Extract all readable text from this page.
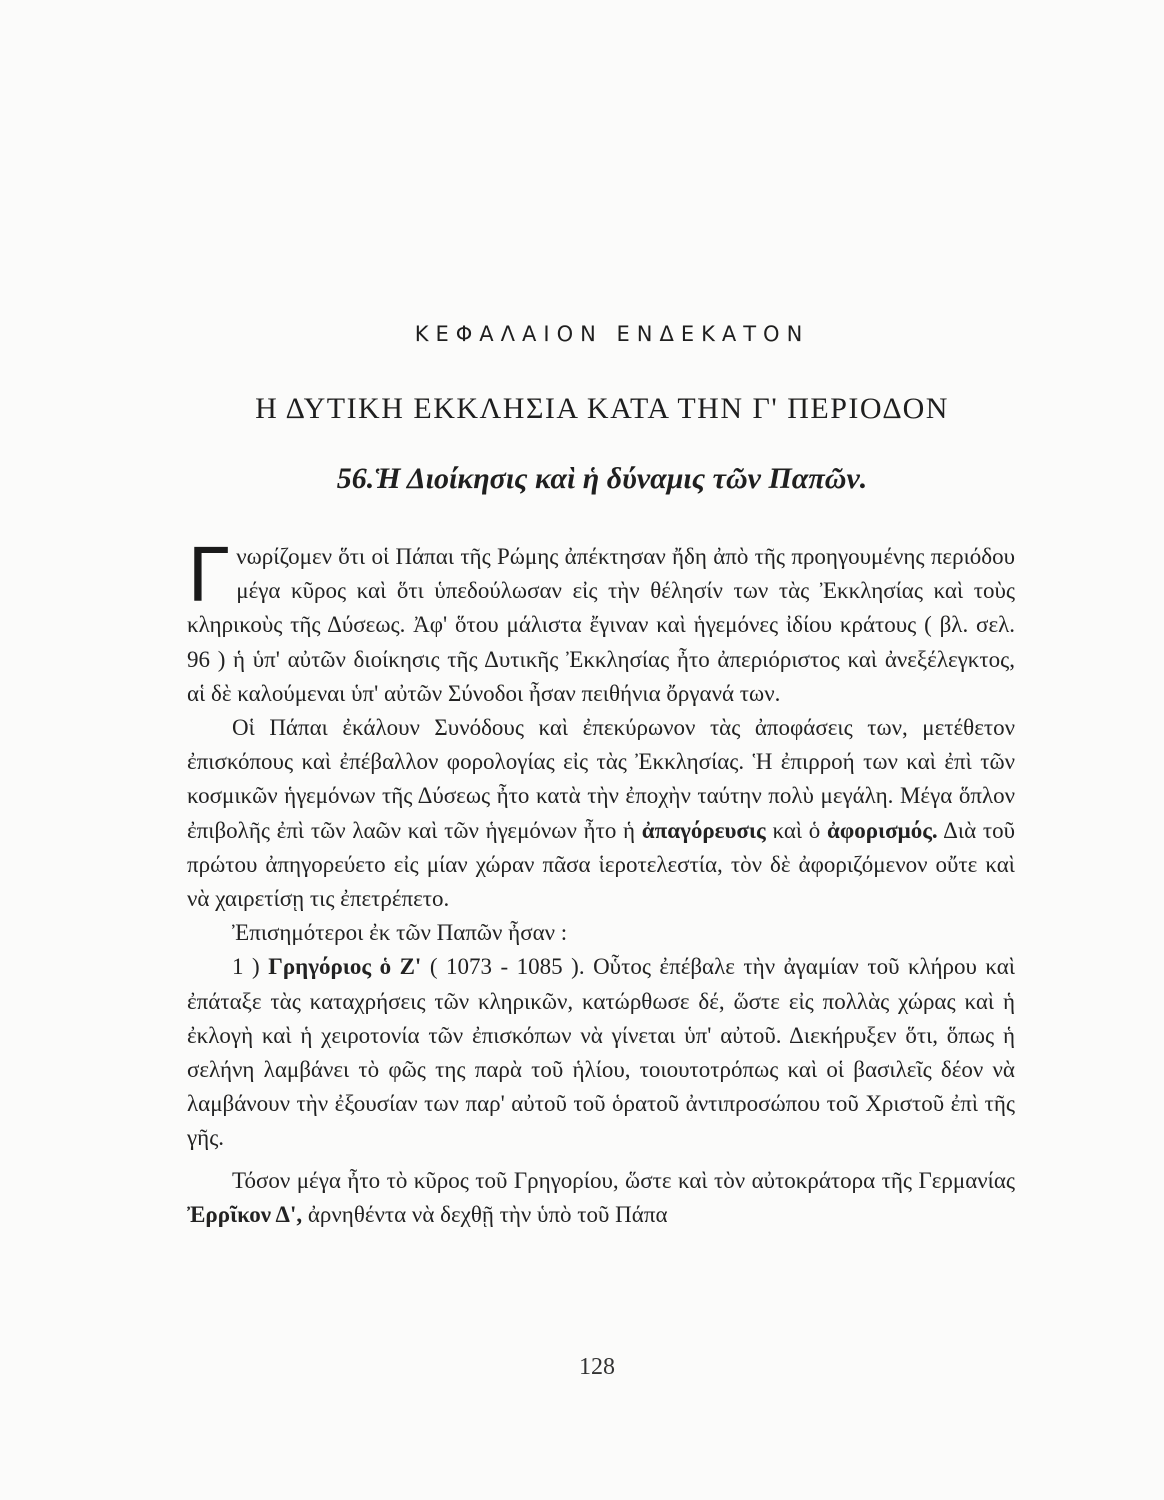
ΚΕΦΑΛΑΙΟΝ ΕΝΔΕΚΑΤΟΝ
Η ΔΥΤΙΚΗ ΕΚΚΛΗΣΙΑ ΚΑΤΑ ΤΗΝ Γ' ΠΕΡΙΟΔΟΝ
56.Ἡ Διοίκησις καὶ ἡ δύναμις τῶν Παπῶν.

Γνωρίζομεν ὅτι οἱ Πάπαι τῆς Ρώμης ἀπέκτησαν ἤδη ἀπὸ τῆς προηγουμένης περιόδου μέγα κῦρος καὶ ὅτι ὑπεδούλωσαν εἰς τὴν θέλησίν των τὰς Ἐκκλησίας καὶ τοὺς κληρικοὺς τῆς Δύσεως. Ἀφ' ὅτου μάλιστα ἔγιναν καὶ ἡγεμόνες ἰδίου κράτους ( βλ. σελ. 96 ) ἡ ὑπ' αὐτῶν διοίκησις τῆς Δυτικῆς Ἐκκλησίας ἦτο ἀπεριόριστος καὶ ἀνεξέλεγκτος, αἱ δὲ καλούμεναι ὑπ' αὐτῶν Σύνοδοι ἦσαν πειθήνια ὄργανά των.

Οἱ Πάπαι ἐκάλουν Συνόδους καὶ ἐπεκύρωνον τὰς ἀποφάσεις των, μετέθετον ἐπισκόπους καὶ ἐπέβαλλον φορολογίας εἰς τὰς Ἐκκλησίας. Ἡ ἐπιρροή των καὶ ἐπὶ τῶν κοσμικῶν ἡγεμόνων τῆς Δύσεως ἦτο κατὰ τὴν ἐποχὴν ταύτην πολὺ μεγάλη. Μέγα ὅπλον ἐπιβολῆς ἐπὶ τῶν λαῶν καὶ τῶν ἡγεμόνων ἦτο ἡ ἀπαγόρευσις καὶ ὁ ἀφορισμός. Διὰ τοῦ πρώτου ἀπηγορεύετο εἰς μίαν χώραν πᾶσα ἱεροτελεστία, τὸν δὲ ἀφοριζόμενον οὔτε καὶ νὰ χαιρετίσῃ τις ἐπετρέπετο.

Ἐπισημότεροι ἐκ τῶν Παπῶν ἦσαν :

1 ) Γρηγόριος ὁ Ζ' ( 1073 - 1085 ). Οὗτος ἐπέβαλε τὴν ἀγαμίαν τοῦ κλήρου καὶ ἐπάταξε τὰς καταχρήσεις τῶν κληρικῶν, κατώρθωσε δέ, ὥστε εἰς πολλὰς χώρας καὶ ἡ ἐκλογὴ καὶ ἡ χειροτονία τῶν ἐπισκόπων νὰ γίνεται ὑπ' αὐτοῦ. Διεκήρυξεν ὅτι, ὅπως ἡ σελήνη λαμβάνει τὸ φῶς της παρὰ τοῦ ἡλίου, τοιουτοτρόπως καὶ οἱ βασιλεῖς δέον νὰ λαμβάνουν τὴν ἐξουσίαν των παρ' αὐτοῦ τοῦ ὁρατοῦ ἀντιπροσώπου τοῦ Χριστοῦ ἐπὶ τῆς γῆς.

Τόσον μέγα ἦτο τὸ κῦρος τοῦ Γρηγορίου, ὥστε καὶ τὸν αὐτοκράτορα τῆς Γερμανίας Ἐρρῖκον Δ', ἀρνηθέντα νὰ δεχθῇ τὴν ὑπὸ τοῦ Πάπα

128
